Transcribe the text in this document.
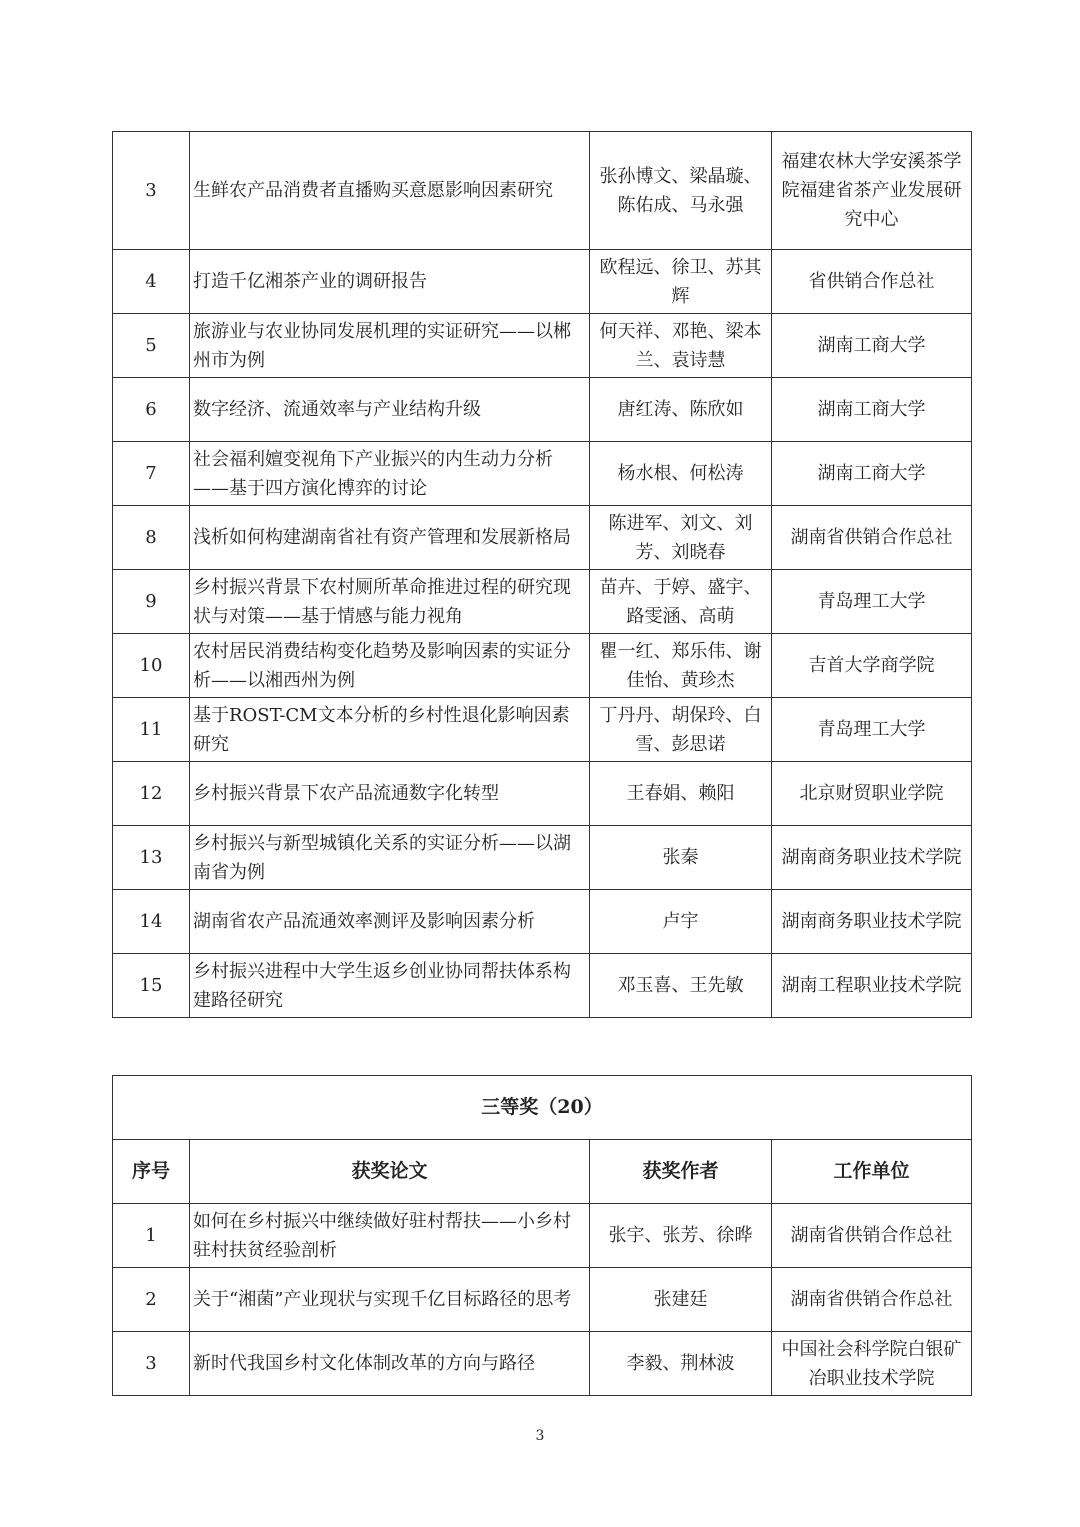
3	生鲜农产品消费者直播购买意愿影响因素研究	张孙博文、梁晶璇、陈佑成、马永强	福建农林大学安溪茶学院福建省茶产业发展研究中心
4	打造千亿湘茶产业的调研报告	欧程远、徐卫、苏其辉	省供销合作总社
5	旅游业与农业协同发展机理的实证研究——以郴州市为例	何天祥、邓艳、梁本兰、袁诗慧	湖南工商大学
6	数字经济、流通效率与产业结构升级	唐红涛、陈欣如	湖南工商大学
7	社会福利嬗变视角下产业振兴的内生动力分析——基于四方演化博弈的讨论	杨水根、何松涛	湖南工商大学
8	浅析如何构建湖南省社有资产管理和发展新格局	陈进军、刘文、刘芳、刘晓春	湖南省供销合作总社
9	乡村振兴背景下农村厕所革命推进过程的研究现状与对策——基于情感与能力视角	苗卉、于婷、盛宇、路雯涵、高萌	青岛理工大学
10	农村居民消费结构变化趋势及影响因素的实证分析——以湘西州为例	瞿一红、郑乐伟、谢佳怡、黄珍杰	吉首大学商学院
11	基于ROST-CM文本分析的乡村性退化影响因素研究	丁丹丹、胡保玲、白雪、彭思诺	青岛理工大学
12	乡村振兴背景下农产品流通数字化转型	王春娟、赖阳	北京财贸职业学院
13	乡村振兴与新型城镇化关系的实证分析——以湖南省为例	张秦	湖南商务职业技术学院
14	湖南省农产品流通效率测评及影响因素分析	卢宇	湖南商务职业技术学院
15	乡村振兴进程中大学生返乡创业协同帮扶体系构建路径研究	邓玉喜、王先敏	湖南工程职业技术学院
三等奖（20）			
序号	获奖论文	获奖作者	工作单位
1	如何在乡村振兴中继续做好驻村帮扶——小乡村驻村扶贫经验剖析	张宇、张芳、徐晔	湖南省供销合作总社
2	关于“湘菌”产业现状与实现千亿目标路径的思考	张建廷	湖南省供销合作总社
3	新时代我国乡村文化体制改革的方向与路径	李毅、荆林波	中国社会科学院白银矿冶职业技术学院
3
